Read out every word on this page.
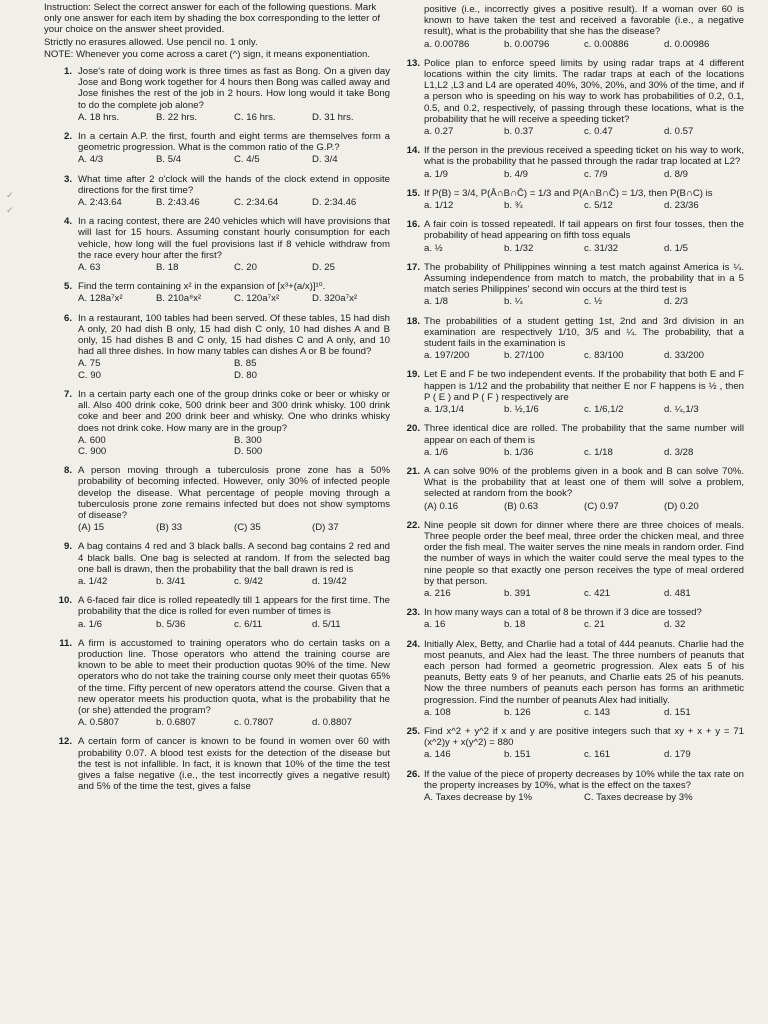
✓
✓

Instruction: Select the correct answer for each of the following questions. Mark only one answer for each item by shading the box corresponding to the letter of your choice on the answer sheet provided.

Strictly no erasures allowed. Use pencil no. 1 only.

NOTE: Whenever you come across a caret (^) sign, it means exponentiation.

1. Jose's rate of doing work is three times as fast as Bong. On a given day Jose and Bong work together for 4 hours then Bong was called away and Jose finishes the rest of the job in 2 hours. How long would it take Bong to do the complete job alone?
A. 18 hrs.	B. 22 hrs.	C. 16 hrs.	D. 31 hrs.
2. In a certain A.P. the first, fourth and eight terms are themselves form a geometric progression. What is the common ratio of the G.P.?
A. 4/3	B. 5/4	C. 4/5	D. 3/4
3. What time after 2 o'clock will the hands of the clock extend in opposite directions for the first time?
A. 2:43.64	B. 2:43.46	C. 2:34.64	D. 2:34.46
4. In a racing contest, there are 240 vehicles which will have provisions that will last for 15 hours. Assuming constant hourly consumption for each vehicle, how long will the fuel provisions last if 8 vehicle withdraw from the race every hour after the first?
A. 63	B. 18	C. 20	D. 25
5. Find the term containing x² in the expansion of [x³+(a/x)]¹⁰.
A. 128a⁷x²	B. 210a⁸x²	C. 120a⁷x²	D. 320a⁷x²
6. In a restaurant, 100 tables had been served. Of these tables, 15 had dish A only, 20 had dish B only, 15 had dish C only, 10 had dishes A and B only, 15 had dishes B and C only, 15 had dishes C and A only, and 10 had all three dishes. In how many tables can dishes A or B be found?
A. 75	B. 85
C. 90	D. 80
7. In a certain party each one of the group drinks coke or beer or whisky or all. Also 400 drink coke, 500 drink beer and 300 drink whisky. 100 drink coke and beer and 200 drink beer and whisky. One who drinks whisky does not drink coke. How many are in the group?
A. 600	B. 300
C. 900	D. 500
8. A person moving through a tuberculosis prone zone has a 50% probability of becoming infected. However, only 30% of infected people develop the disease. What percentage of people moving through a tuberculosis prone zone remains infected but does not show symptoms of disease?
(A) 15	(B) 33	(C) 35	(D) 37
9. A bag contains 4 red and 3 black balls. A second bag contains 2 red and 4 black balls. One bag is selected at random. If from the selected bag one ball is drawn, then the probability that the ball drawn is red is
a. 1/42	b. 3/41	c. 9/42	d. 19/42
10. A 6-faced fair dice is rolled repeatedly till 1 appears for the first time. The probability that the dice is rolled for even number of times is
a. 1/6	b. 5/36	c. 6/11	d. 5/11
11. A firm is accustomed to training operators who do certain tasks on a production line. Those operators who attend the training course are known to be able to meet their production quotas 90% of the time. New operators who do not take the training course only meet their quotas 65% of the time. Fifty percent of new operators attend the course. Given that a new operator meets his production quota, what is the probability that he (or she) attended the program?
A. 0.5807	b. 0.6807	c. 0.7807	d. 0.8807
12. A certain form of cancer is known to be found in women over 60 with probability 0.07. A blood test exists for the detection of the disease but the test is not infallible. In fact, it is known that 10% of the time the test gives a false negative (i.e., the test incorrectly gives a negative result) and 5% of the time the test, gives a false
positive (i.e., incorrectly gives a positive result). If a woman over 60 is known to have taken the test and received a favorable (i.e., a negative result), what is the probability that she has the disease?
a. 0.00786	b. 0.00796	c. 0.00886	d. 0.00986
13. Police plan to enforce speed limits by using radar traps at 4 different locations within the city limits. The radar traps at each of the locations L1,L2 ,L3 and L4 are operated 40%, 30%, 20%, and 30% of the time, and if a person who is speeding on his way to work has probabilities of 0.2, 0.1, 0.5, and 0.2, respectively, of passing through these locations, what is the probability that he will receive a speeding ticket?
a. 0.27	b. 0.37	c. 0.47	d. 0.57
14. If the person in the previous received a speeding ticket on his way to work, what is the probability that he passed through the radar trap located at L2?
a. 1/9	b. 4/9	c. 7/9	d. 8/9
15. If P(B) = 3/4, P(Ā∩B∩C̄) = 1/3 and P(A∩B∩C̄) = 1/3, then P(B∩C) is
a. 1/12	b. ¾	c. 5/12	d. 23/36
16. A fair coin is tossed repeatedl. If tail appears on first four tosses, then the probability of head appearing on fifth toss equals
a. ½	b. 1/32	c. 31/32	d. 1/5
17. The probability of Philippines winning a test match against America is ¼. Assuming independence from match to match, the probability that in a 5 match series Philippines' second win occurs at the third test is
a. 1/8	b. ¼	c. ½	d. 2/3
18. The probabilities of a student getting 1st, 2nd and 3rd division in an examination are respectively 1/10, 3/5 and ¼. The probability, that a student fails in the examination is
a. 197/200	b. 27/100	c. 83/100	d. 33/200
19. Let E and F be two independent events. If the probability that both E and F happen is 1/12 and the probability that neither E nor F happens is ½ , then P ( E ) and P ( F ) respectively are
a. 1/3,1/4	b. ½,1/6	c. 1/6,1/2	d. ¼,1/3
20. Three identical dice are rolled. The probability that the same number will appear on each of them is
a. 1/6	b. 1/36	c. 1/18	d. 3/28
21. A can solve 90% of the problems given in a book and B can solve 70%. What is the probability that at least one of them will solve a problem, selected at random from the book?
(A) 0.16	(B) 0.63	(C) 0.97	(D) 0.20
22. Nine people sit down for dinner where there are three choices of meals. Three people order the beef meal, three order the chicken meal, and three order the fish meal. The waiter serves the nine meals in random order. Find the number of ways in which the waiter could serve the meal types to the nine people so that exactly one person receives the type of meal ordered by that person.
a. 216	b. 391	c. 421	d. 481
23. In how many ways can a total of 8 be thrown if 3 dice are tossed?
a. 16	b. 18	c. 21	d. 32
24. Initially Alex, Betty, and Charlie had a total of 444 peanuts. Charlie had the most peanuts, and Alex had the least. The three numbers of peanuts that each person had formed a geometric progression. Alex eats 5 of his peanuts, Betty eats 9 of her peanuts, and Charlie eats 25 of his peanuts. Now the three numbers of peanuts each person has forms an arithmetic progression. Find the number of peanuts Alex had initially.
a. 108	b. 126	c. 143	d. 151
25. Find x^2 + y^2 if x and y are positive integers such that xy + x + y = 71 (x^2)y + x(y^2) = 880
a. 146	b. 151	c. 161	d. 179
26. If the value of the piece of property decreases by 10% while the tax rate on the property increases by 10%, what is the effect on the taxes?
A. Taxes decrease by 1%	C. Taxes decrease by 3%
